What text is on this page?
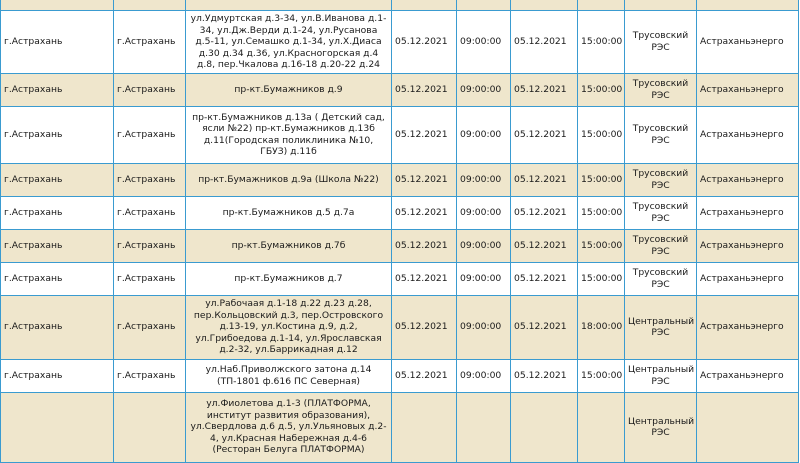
г.Астрахань	г.Астрахань	ул.Удмуртская д.3-34, ул.В.Иванова д.1-34, ул.Дж.Верди д.1-24, ул.Русанова д.5-11, ул.Семашко д.1-34, ул.Х.Диаса д.30 д.34 д.36, ул.Красногорская д.4 д.8, пер.Чкалова д.16-18 д.20-22 д.24	05.12.2021	09:00:00	05.12.2021	15:00:00	Трусовский РЭС	Астраханьэнерго
г.Астрахань	г.Астрахань	пр-кт.Бумажников д.9	05.12.2021	09:00:00	05.12.2021	15:00:00	Трусовский РЭС	Астраханьэнерго
г.Астрахань	г.Астрахань	пр-кт.Бумажников д.13а ( Детский сад, ясли №22) пр-кт.Бумажников д.13б д.11(Городская поликлиника №10, ГБУЗ) д.11б	05.12.2021	09:00:00	05.12.2021	15:00:00	Трусовский РЭС	Астраханьэнерго
г.Астрахань	г.Астрахань	пр-кт.Бумажников д.9а (Школа №22)	05.12.2021	09:00:00	05.12.2021	15:00:00	Трусовский РЭС	Астраханьэнерго
г.Астрахань	г.Астрахань	пр-кт.Бумажников д.5 д.7а	05.12.2021	09:00:00	05.12.2021	15:00:00	Трусовский РЭС	Астраханьэнерго
г.Астрахань	г.Астрахань	пр-кт.Бумажников д.7б	05.12.2021	09:00:00	05.12.2021	15:00:00	Трусовский РЭС	Астраханьэнерго
г.Астрахань	г.Астрахань	пр-кт.Бумажников д.7	05.12.2021	09:00:00	05.12.2021	15:00:00	Трусовский РЭС	Астраханьэнерго
г.Астрахань	г.Астрахань	ул.Рабочаая д.1-18 д.22 д.23 д.28, пер.Кольцовский д.3, пер.Островского д.13-19, ул.Костина д.9, д.2, ул.Грибоедова д.1-14, ул.Ярославская д.2-32, ул.Баррикадная д.12	05.12.2021	09:00:00	05.12.2021	18:00:00	Центральный РЭС	Астраханьэнерго
г.Астрахань	г.Астрахань	ул.Наб.Приволжского затона д.14 (ТП-1801 ф.616 ПС Северная)	05.12.2021	09:00:00	05.12.2021	15:00:00	Центральный РЭС	Астраханьэнерго
		ул.Фиолетова д.1-3 (ПЛАТФОРМА, институт развития образования), ул.Свердлова д.6 д.5, ул.Ульяновых д.2-4, ул.Красная Набережная д.4-6 (Ресторан Белуга ПЛАТФОРМА)					Центральный РЭС	
